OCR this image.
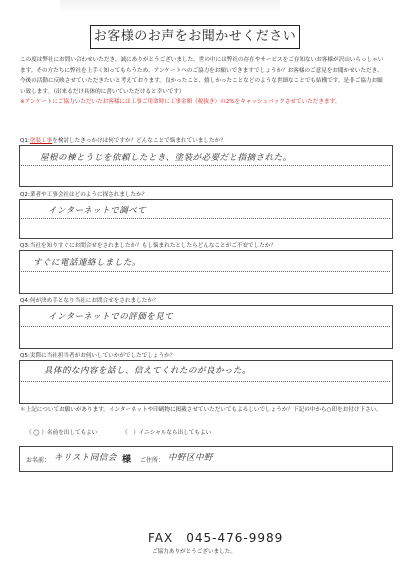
お客様のお声をお聞かせください
この度は弊社にお問い合わせいただき、誠にありがとうございました。世の中には弊社の存在やサービスをご存知ないお客様が沢山いらっしゃいます。その方たちに弊社を上手く知ってもらうため、アンケートへのご協力をお願いできますでしょうか？お客様のご意見をお聞かせいただき、今後の活動に反映させていただきたいと考えております。良かったこと、嬉しかったことなどのような世細なことでも結構です。是非ご協力お願い致します。（出来るだけ具体的に書いていただけると幸いです）
※アンケートにご協力いただいたお客様には工事ご用命時に工事金額（税抜き）の2%をキャッシュバックさせていただきます。
Q1:塗装工事を検討したきっかけは何ですか？どんなことで悩まれていましたか？
屋根の棟とうじを依頼したとき、塗装が必要だと指摘された。
Q2:業者や工事会社はどのように探されましたか？
インターネットで調べて
Q3:当社を知りすぐにお問合せをされましたか？もし悩まれたとしたらどんなことがご不安でしたか？
すぐに電話連絡しました。
Q4:何が決め手となり当社にお問合せをされましたか？
インターネットでの評価を見て
Q5:実際に当社担当者がお伺いしていかがでしたでしょうか？
具体的な内容を話し、信えてくれたのが良かった。
＊上記についてお願いがあります。インターネットや印刷物に掲載させていただいてもよろしいでしょうか？下記の中から○印をお付け下さい。
（ ◯ ）名前を出してもよい	（　）イニシャルなら出してもよい
お名前： キリスト同信会 様 ご住所： 中野区中野
FAX　045-476-9989
ご協力ありがとうございました。
